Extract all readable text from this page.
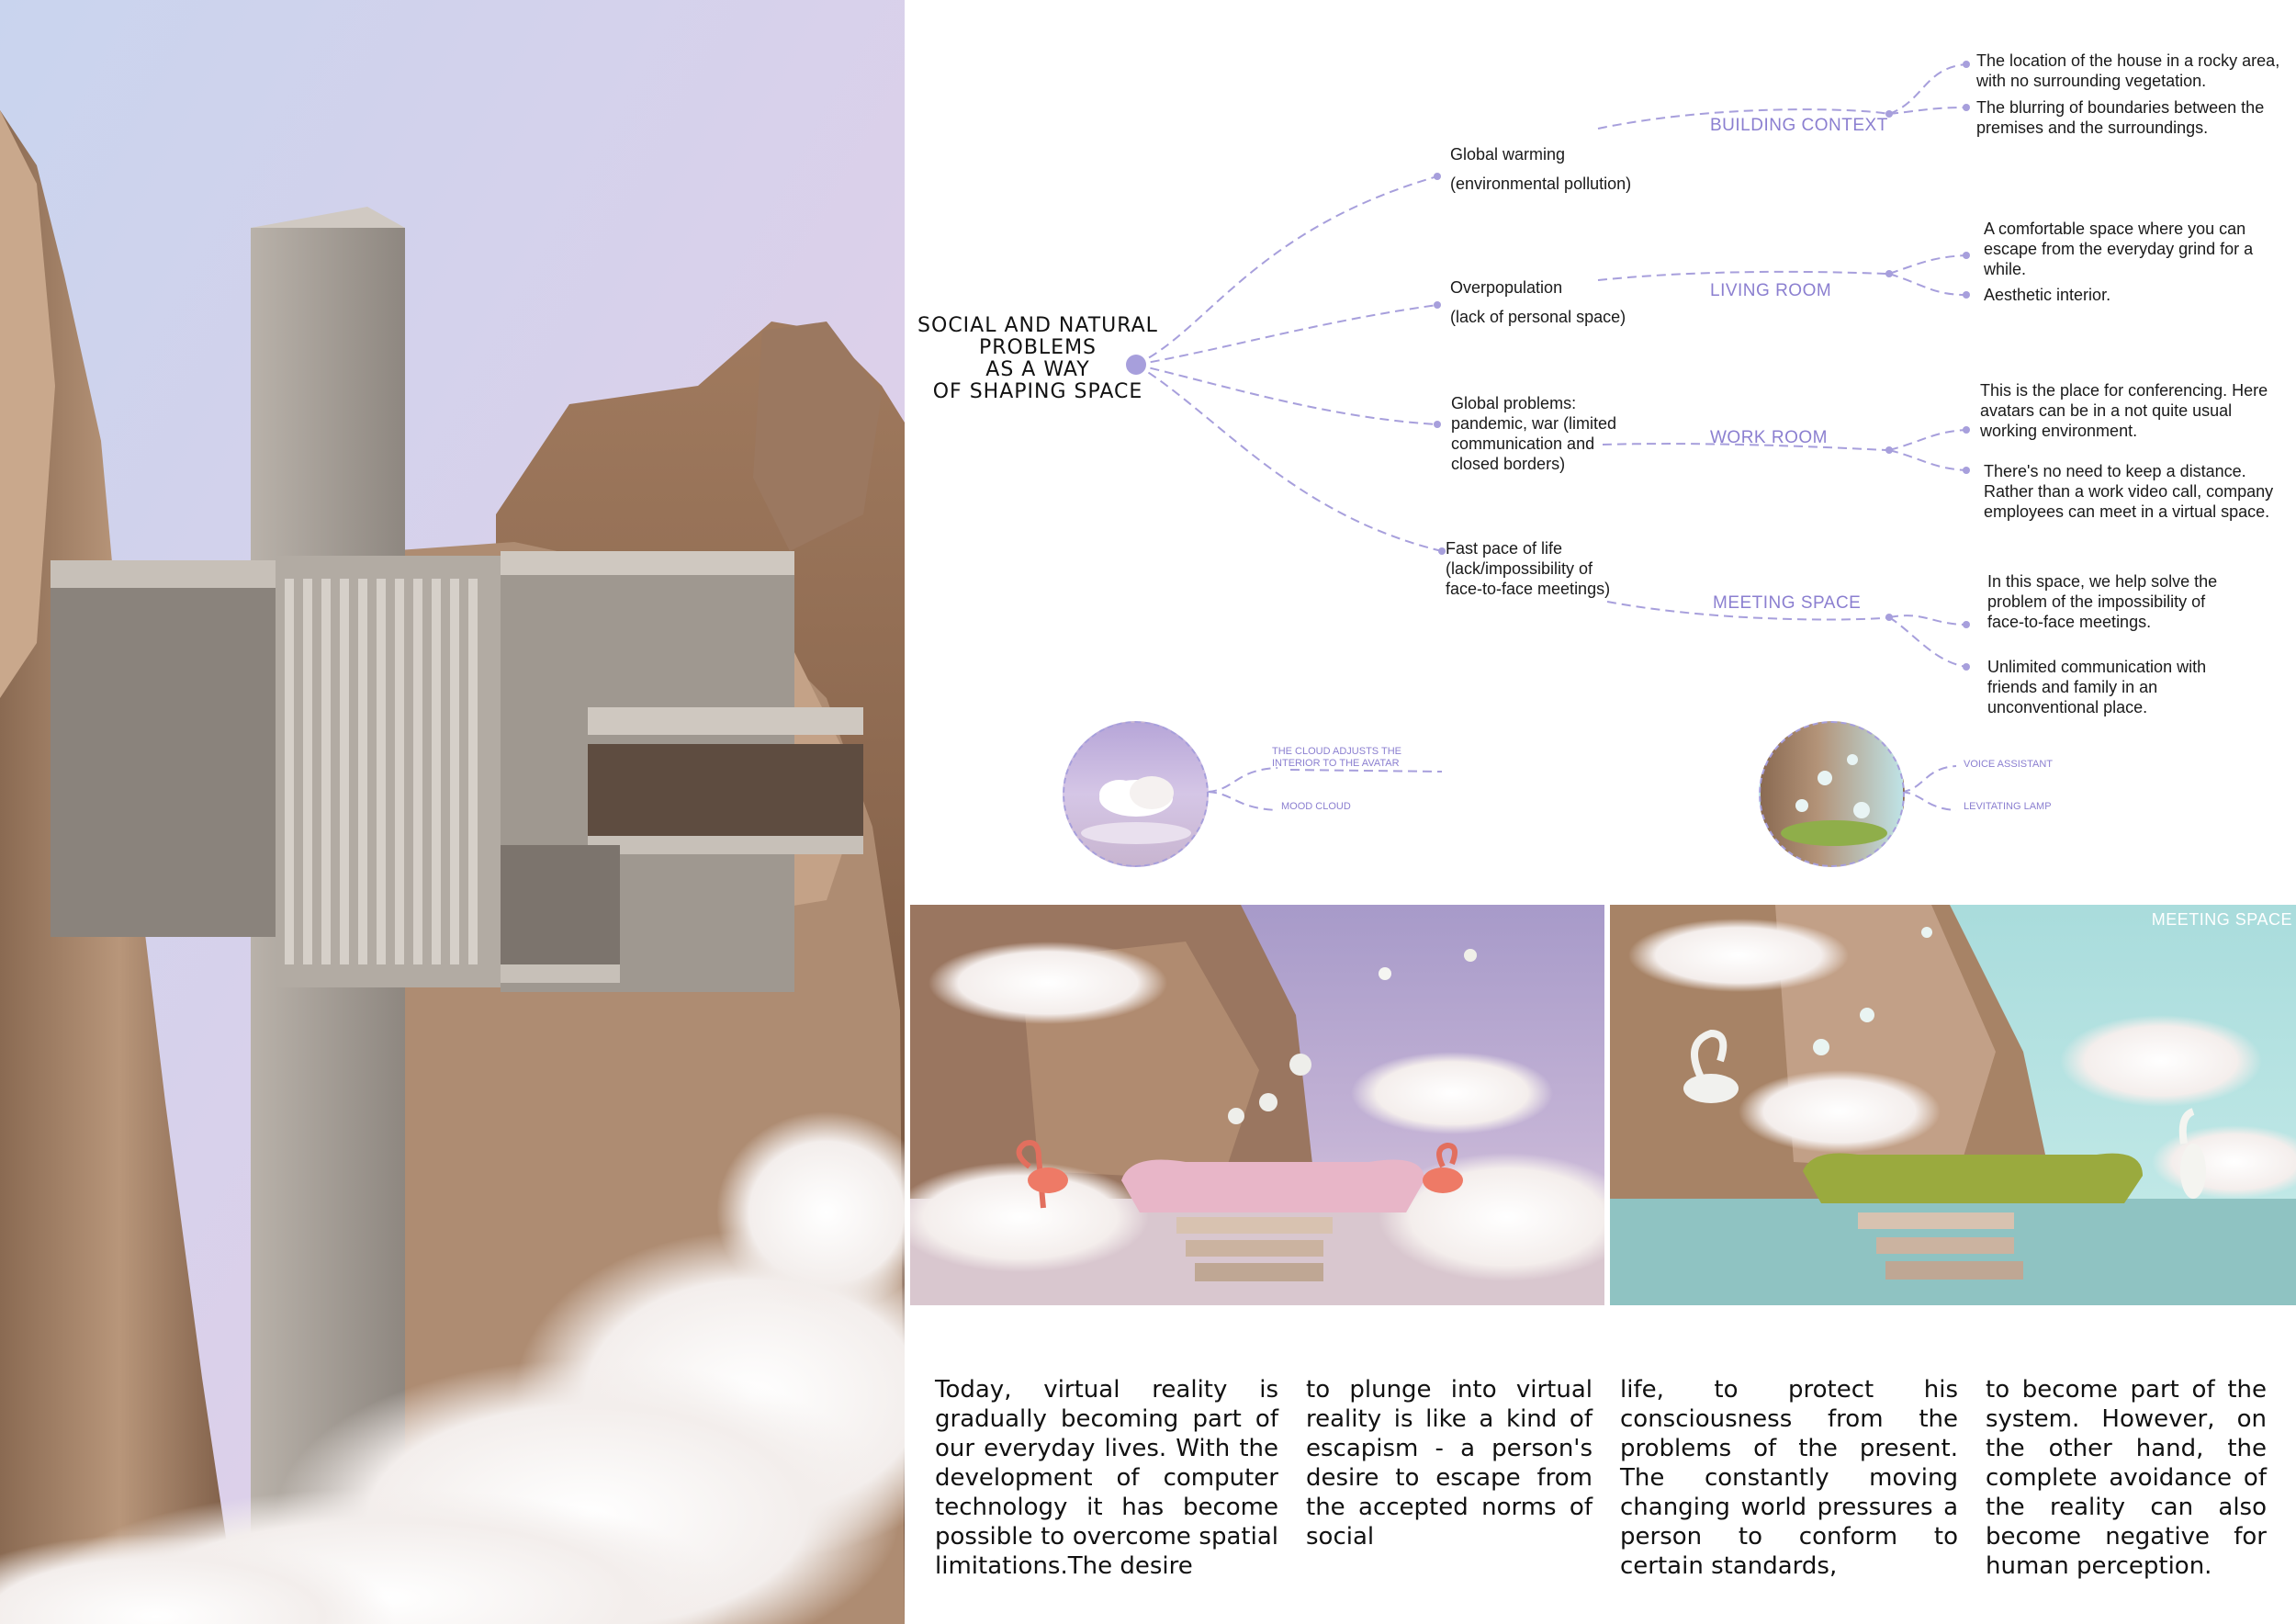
SOCIAL AND NATURAL
PROBLEMS
AS A WAY
OF SHAPING SPACE
Global warming

(environmental pollution)
Overpopulation

(lack of personal space)
Global problems:
pandemic, war (limited
communication and
closed borders)
Fast pace of life
(lack/impossibility of
face-to-face meetings)
BUILDING CONTEXT
LIVING ROOM
WORK ROOM
MEETING SPACE
The location of the house in a rocky area,
with no surrounding vegetation.
The blurring of boundaries between the
premises and the surroundings.
A comfortable space where you can
escape from the everyday grind for a
while.
Aesthetic interior.
This is the place for conferencing. Here
avatars can be in a not quite usual
working environment.
There's no need to keep a distance.
Rather than a work video call, company
employees can meet in a virtual space.
In this space, we help solve the
problem of the impossibility of
face-to-face meetings.
Unlimited communication with
friends and family in an
unconventional place.
THE CLOUD ADJUSTS THE
INTERIOR TO THE AVATAR
MOOD CLOUD
VOICE ASSISTANT
LEVITATING LAMP
MEETING SPACE
Today, virtual reality is gradually becoming part of our everyday lives. With the development of computer technology it has become possible to overcome spatial limitations.The desire
to plunge into virtual reality is like a kind of escapism - a person's desire to escape from the accepted norms of social
life, to protect his consciousness from the problems of the present. The constantly moving changing world pressures a person to conform to certain standards,
to become part of the system. However, on the other hand, the complete avoidance of the reality can also become negative for human perception.
